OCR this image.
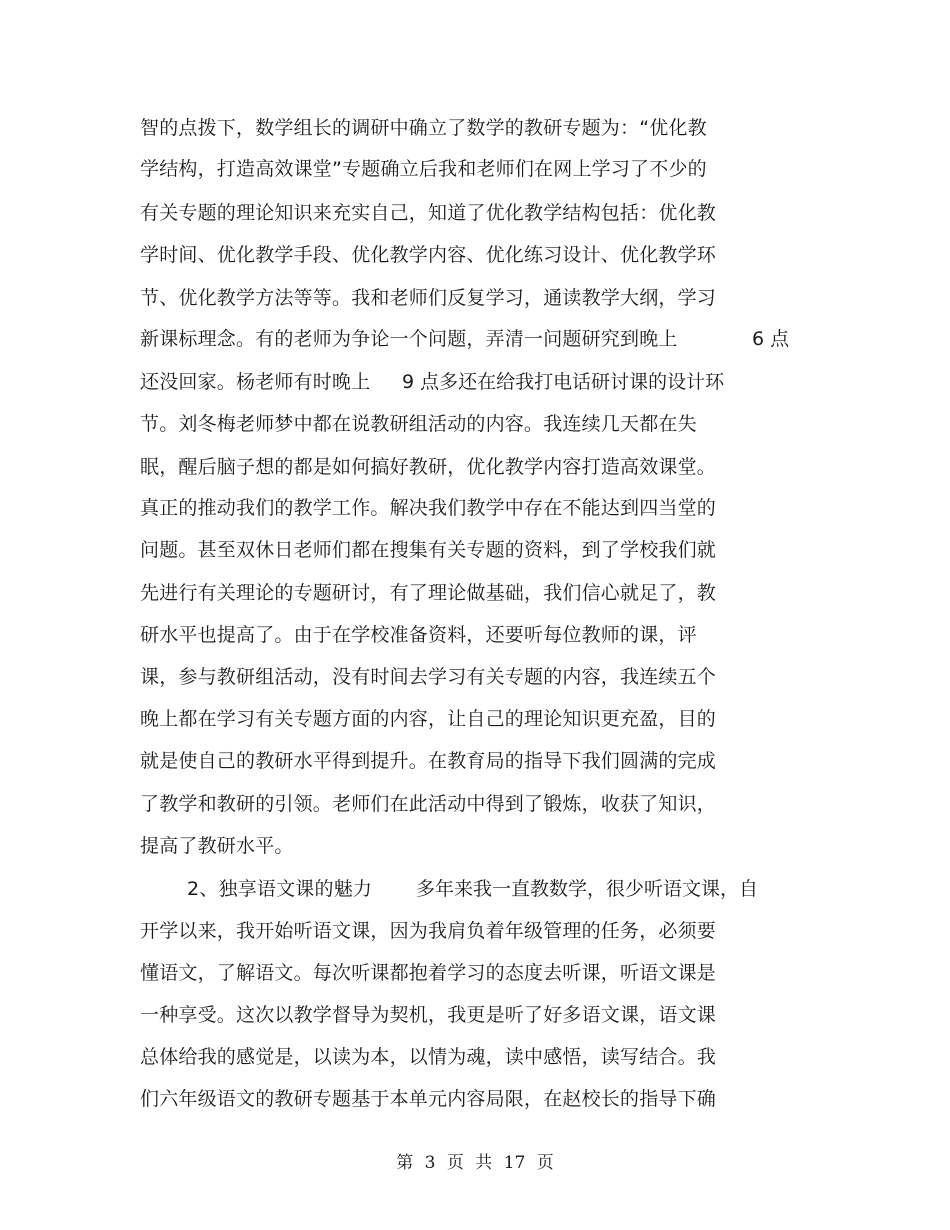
智的点拨下，数学组长的调研中确立了数学的教研专题为：“优化教
学结构，打造高效课堂”专题确立后我和老师们在网上学习了不少的
有关专题的理论知识来充实自己，知道了优化教学结构包括：优化教
学时间、优化教学手段、优化教学内容、优化练习设计、优化教学环
节、优化教学方法等等。我和老师们反复学习，通读教学大纲，学习
新课标理念。有的老师为争论一个问题，弄清一问题研究到晚上	6 点
还没回家。杨老师有时晚上 9 点多还在给我打电话研讨课的设计环
节。刘冬梅老师梦中都在说教研组活动的内容。我连续几天都在失
眠，醒后脑子想的都是如何搞好教研，优化教学内容打造高效课堂。
真正的推动我们的教学工作。解决我们教学中存在不能达到四当堂的
问题。甚至双休日老师们都在搜集有关专题的资料，到了学校我们就
先进行有关理论的专题研讨，有了理论做基础，我们信心就足了，教
研水平也提高了。由于在学校准备资料，还要听每位教师的课，评
课，参与教研组活动，没有时间去学习有关专题的内容，我连续五个
晚上都在学习有关专题方面的内容，让自己的理论知识更充盈，目的
就是使自己的教研水平得到提升。在教育局的指导下我们圆满的完成
了教学和教研的引领。老师们在此活动中得到了锻炼，收获了知识，
提高了教研水平。
2、独享语文课的魅力 多年来我一直教数学，很少听语文课，自
开学以来，我开始听语文课，因为我肩负着年级管理的任务，必须要
懂语文，了解语文。每次听课都抱着学习的态度去听课，听语文课是
一种享受。这次以教学督导为契机，我更是听了好多语文课，语文课
总体给我的感觉是，以读为本，以情为魂，读中感悟，读写结合。我
们六年级语文的教研专题基于本单元内容局限，在赵校长的指导下确
第 3 页 共 17 页
